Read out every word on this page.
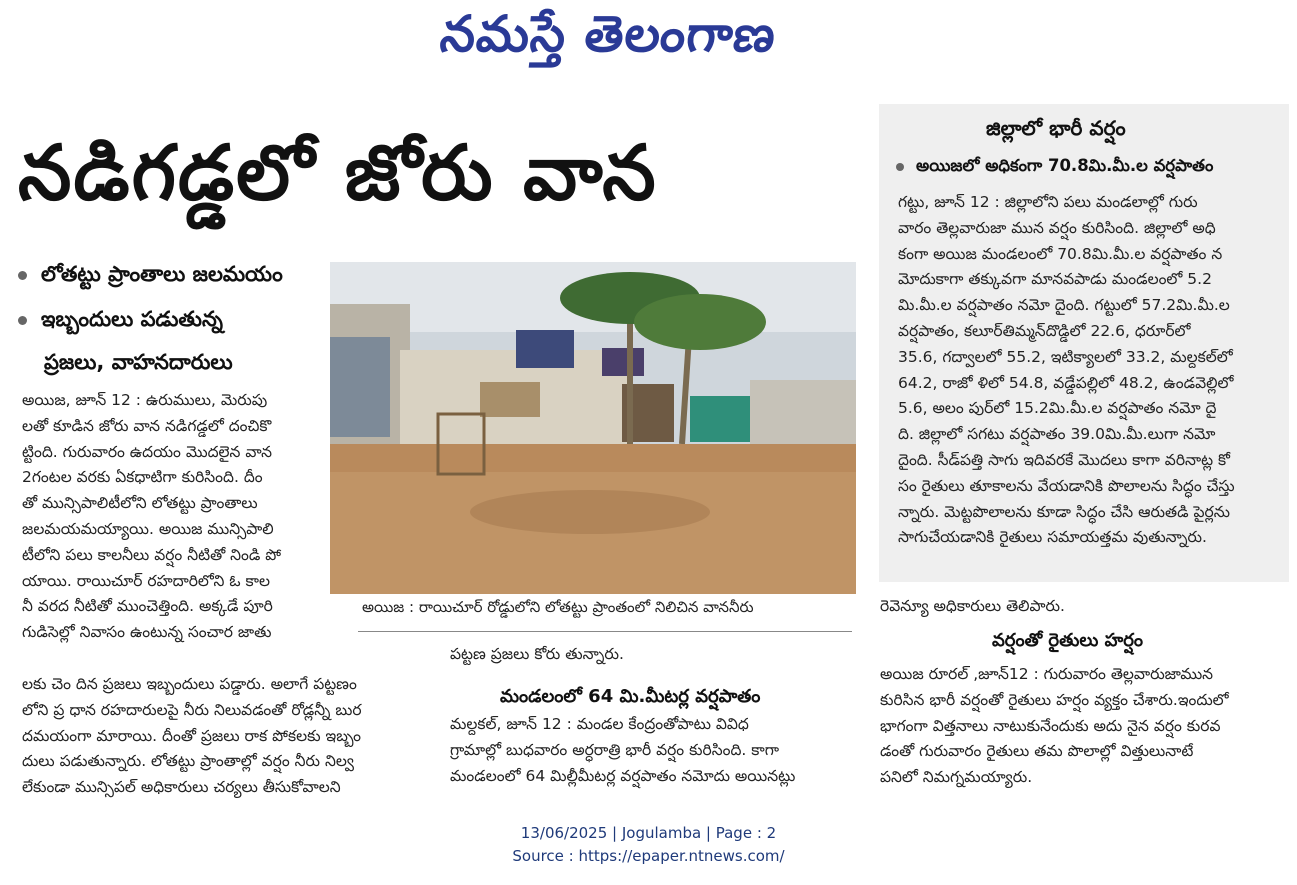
నమస్తే తెలంగాణ
నడిగడ్డలో జోరు వాన
లోతట్టు ప్రాంతాలు జలమయం
ఇబ్బందులు పడుతున్న
ప్రజలు, వాహనదారులు
అయిజ, జూన్ 12 : ఉరుములు, మెరుపు
లతో కూడిన జోరు వాన నడిగడ్డలో దంచికొ
ట్టింది. గురువారం ఉదయం మొదలైన వాన
2గంటల వరకు ఏకధాటిగా కురిసింది. దీం
తో మున్సిపాలిటీలోని లోతట్టు ప్రాంతాలు
జలమయమయ్యాయి. అయిజ మున్సిపాలి
టీలోని పలు కాలనీలు వర్షం నీటితో నిండి పో
యాయి. రాయిచూర్ రహదారిలోని ఓ కాల
నీ వరద నీటితో ముంచెత్తింది. అక్కడే పూరి
గుడిసెల్లో నివాసం ఉంటున్న సంచార జాతు
లకు చెం దిన ప్రజలు ఇబ్బందులు పడ్డారు. అలాగే పట్టణం
లోని ప్ర ధాన రహదారులపై నీరు నిలువడంతో రోడ్లన్నీ బుర
దమయంగా మారాయి. దీంతో ప్రజలు రాక పోకలకు ఇబ్బం
దులు పడుతున్నారు. లోతట్టు ప్రాంతాల్లో వర్షం నీరు నిల్వ
లేకుండా మున్సిపల్ అధికారులు చర్యలు తీసుకోవాలని
అయిజ : రాయిచూర్ రోడ్డులోని లోతట్టు ప్రాంతంలో నిలిచిన వాననీరు
పట్టణ ప్రజలు కోరు తున్నారు.
మండలంలో 64 మి.మీటర్ల వర్షపాతం
మల్దకల్, జూన్ 12 : మండల కేంద్రంతోపాటు వివిధ
గ్రామాల్లో బుధవారం అర్ధరాత్రి భారీ వర్షం కురిసింది. కాగా
మండలంలో 64 మిల్లీమీటర్ల వర్షపాతం నమోదు అయినట్లు
జిల్లాలో భారీ వర్షం
అయిజలో అధికంగా 70.8మి.మీ.ల వర్షపాతం
గట్టు, జూన్ 12 : జిల్లాలోని పలు మండలాల్లో గురు
వారం తెల్లవారుజా మున వర్షం కురిసింది. జిల్లాలో అధి
కంగా అయిజ మండలంలో 70.8మి.మీ.ల వర్షపాతం న
మోదుకాగా తక్కువగా మానవపాడు మండలంలో 5.2
మి.మీ.ల వర్షపాతం నమో దైంది. గట్టులో 57.2మి.మీ.ల
వర్షపాతం, కలూర్‌తిమ్మన్‌దొడ్డిలో 22.6, ధరూర్‌లో
35.6, గద్వాలలో 55.2, ఇటిక్యాలలో 33.2, మల్దకల్‌లో
64.2, రాజో ళిలో 54.8, వడ్డేపల్లిలో 48.2, ఉండవెల్లిలో
5.6, అలం పుర్‌లో 15.2మి.మీ.ల వర్షపాతం నమో దై
ది. జిల్లాలో సగటు వర్షపాతం 39.0మి.మీ.లుగా నమో
దైంది. సీడ్‌పత్తి సాగు ఇదివరకే మొదలు కాగా వరినాట్ల కో
సం రైతులు తూకాలను వేయడానికి పొలాలను సిద్ధం చేస్తు
న్నారు. మెట్టపొలాలను కూడా సిద్ధం చేసి ఆరుతడి పైర్లను
సాగుచేయడానికి రైతులు సమాయత్తమ వుతున్నారు.
రెవెన్యూ అధికారులు తెలిపారు.
వర్షంతో రైతులు హర్షం
అయిజ రూరల్ ,జూన్12 : గురువారం తెల్లవారుజామున
కురిసిన భారీ వర్షంతో రైతులు హర్షం వ్యక్తం చేశారు.ఇందులో
భాగంగా విత్తనాలు నాటుకునేందుకు అదు నైన వర్షం కురవ
డంతో గురువారం రైతులు తమ పొలాల్లో విత్తులునాటే
పనిలో నిమగ్నమయ్యారు.
13/06/2025 | Jogulamba | Page : 2
Source : https://epaper.ntnews.com/
